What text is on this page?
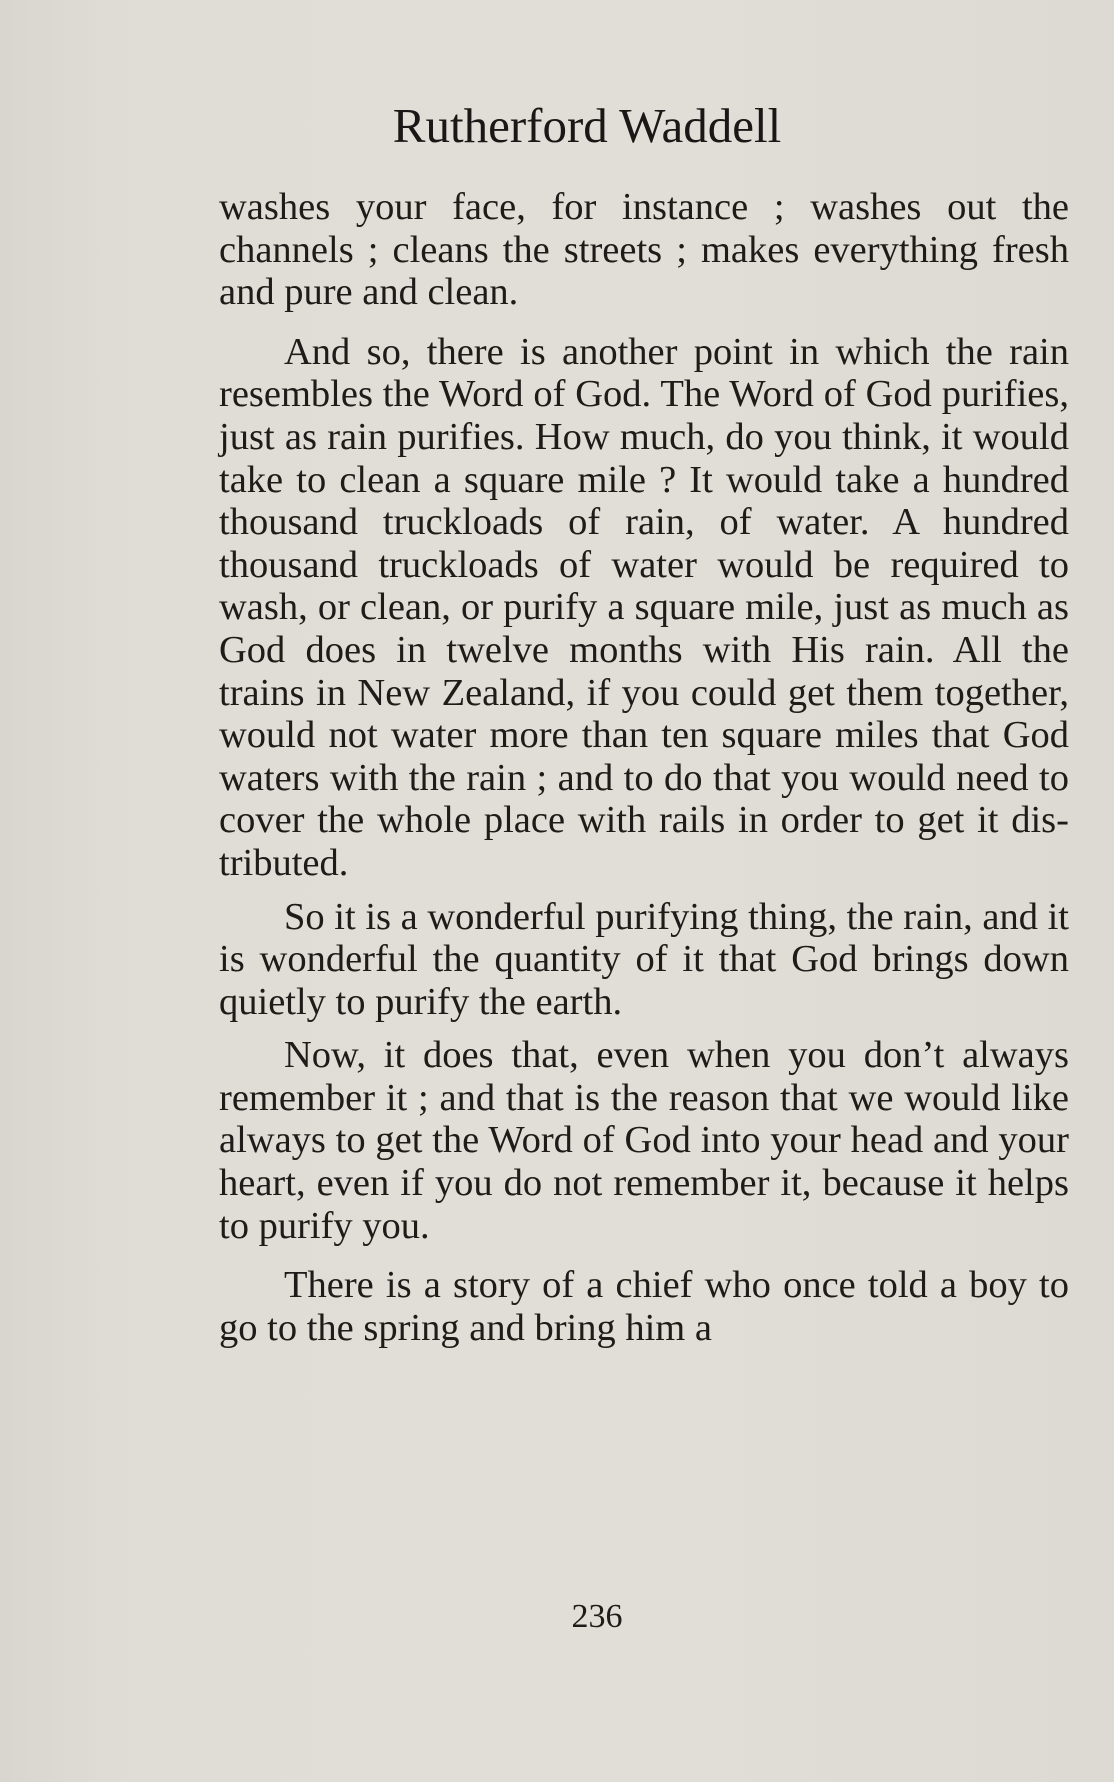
Rutherford Waddell

washes your face, for instance ; washes out the channels ; cleans the streets ; makes everything fresh and pure and clean.

And so, there is another point in which the rain resembles the Word of God. The Word of God purifies, just as rain purifies. How much, do you think, it would take to clean a square mile ? It would take a hundred thousand truckloads of rain, of water. A hundred thousand truckloads of water would be required to wash, or clean, or purify a square mile, just as much as God does in twelve months with His rain. All the trains in New Zealand, if you could get them together, would not water more than ten square miles that God waters with the rain ; and to do that you would need to cover the whole place with rails in order to get it distributed.

So it is a wonderful purifying thing, the rain, and it is wonderful the quantity of it that God brings down quietly to purify the earth.

Now, it does that, even when you don’t always remember it ; and that is the reason that we would like always to get the Word of God into your head and your heart, even if you do not remember it, because it helps to purify you.

There is a story of a chief who once told a boy to go to the spring and bring him a

236
